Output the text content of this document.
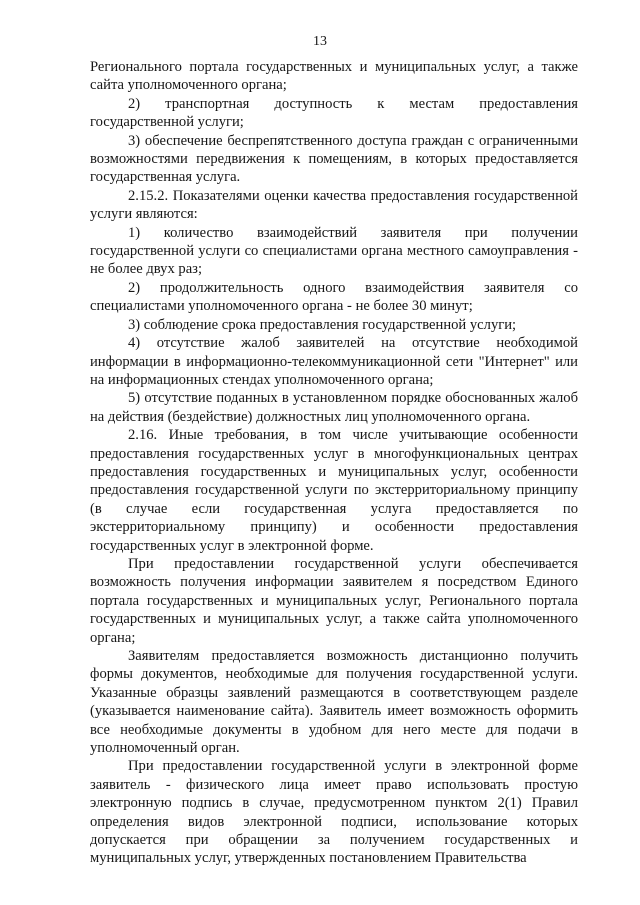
13

Регионального портала государственных и муниципальных услуг, а также сайта уполномоченного органа;

2) транспортная доступность к местам предоставления государственной услуги;

3) обеспечение беспрепятственного доступа граждан с ограниченными возможностями передвижения к помещениям, в которых предоставляется государственная услуга.

2.15.2. Показателями оценки качества предоставления государственной услуги являются:

1) количество взаимодействий заявителя при получении государственной услуги со специалистами органа местного самоуправления - не более двух раз;

2) продолжительность одного взаимодействия заявителя со специалистами уполномоченного органа - не более 30 минут;

3) соблюдение срока предоставления государственной услуги;

4) отсутствие жалоб заявителей на отсутствие необходимой информации в информационно-телекоммуникационной сети "Интернет" или на информационных стендах уполномоченного органа;

5) отсутствие поданных в установленном порядке обоснованных жалоб на действия (бездействие) должностных лиц уполномоченного органа.

2.16. Иные требования, в том числе учитывающие особенности предоставления государственных услуг в многофункциональных центрах предоставления государственных и муниципальных услуг, особенности предоставления государственной услуги по экстерриториальному принципу (в случае если государственная услуга предоставляется по экстерриториальному принципу) и особенности предоставления государственных услуг в электронной форме.

При предоставлении государственной услуги обеспечивается возможность получения информации заявителем я посредством Единого портала государственных и муниципальных услуг, Регионального портала государственных и муниципальных услуг, а также сайта уполномоченного органа;

Заявителям предоставляется возможность дистанционно получить формы документов, необходимые для получения государственной услуги. Указанные образцы заявлений размещаются в соответствующем разделе (указывается наименование сайта). Заявитель имеет возможность оформить все необходимые документы в удобном для него месте для подачи в уполномоченный орган.

При предоставлении государственной услуги в электронной форме заявитель - физического лица имеет право использовать простую электронную подпись в случае, предусмотренном пунктом 2(1) Правил определения видов электронной подписи, использование которых допускается при обращении за получением государственных и муниципальных услуг, утвержденных постановлением Правительства
